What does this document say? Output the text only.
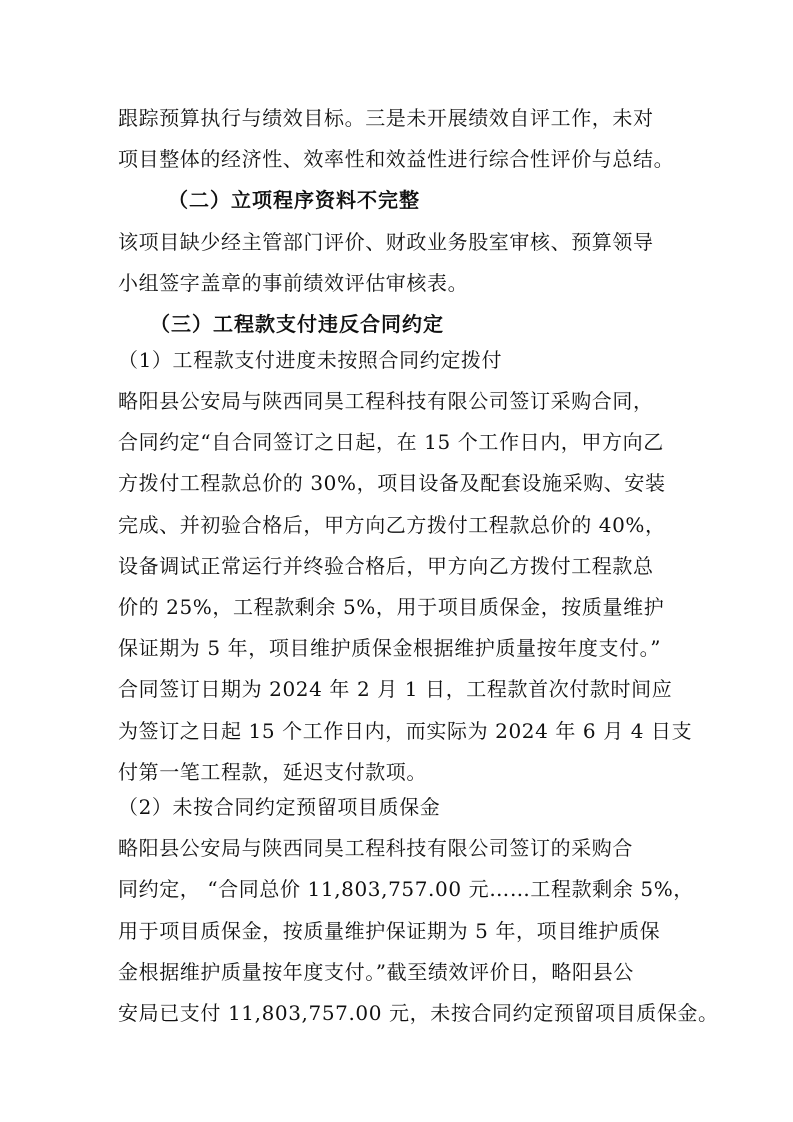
跟踪预算执行与绩效目标。三是未开展绩效自评工作，未对
项目整体的经济性、效率性和效益性进行综合性评价与总结。
（二）立项程序资料不完整
该项目缺少经主管部门评价、财政业务股室审核、预算领导
小组签字盖章的事前绩效评估审核表。
（三）工程款支付违反合同约定
（1）工程款支付进度未按照合同约定拨付
略阳县公安局与陕西同昊工程科技有限公司签订采购合同，
合同约定“自合同签订之日起，在 15 个工作日内，甲方向乙
方拨付工程款总价的 30%，项目设备及配套设施采购、安装
完成、并初验合格后，甲方向乙方拨付工程款总价的 40%，
设备调试正常运行并终验合格后，甲方向乙方拨付工程款总
价的 25%，工程款剩余 5%，用于项目质保金，按质量维护
保证期为 5 年，项目维护质保金根据维护质量按年度支付。”
合同签订日期为 2024 年 2 月 1 日，工程款首次付款时间应
为签订之日起 15 个工作日内，而实际为 2024 年 6 月 4 日支
付第一笔工程款，延迟支付款项。
（2）未按合同约定预留项目质保金
略阳县公安局与陕西同昊工程科技有限公司签订的采购合
同约定， “合同总价 11,803,757.00 元……工程款剩余 5%，
用于项目质保金，按质量维护保证期为 5 年，项目维护质保
金根据维护质量按年度支付。”截至绩效评价日，略阳县公
安局已支付 11,803,757.00 元，未按合同约定预留项目质保金。
